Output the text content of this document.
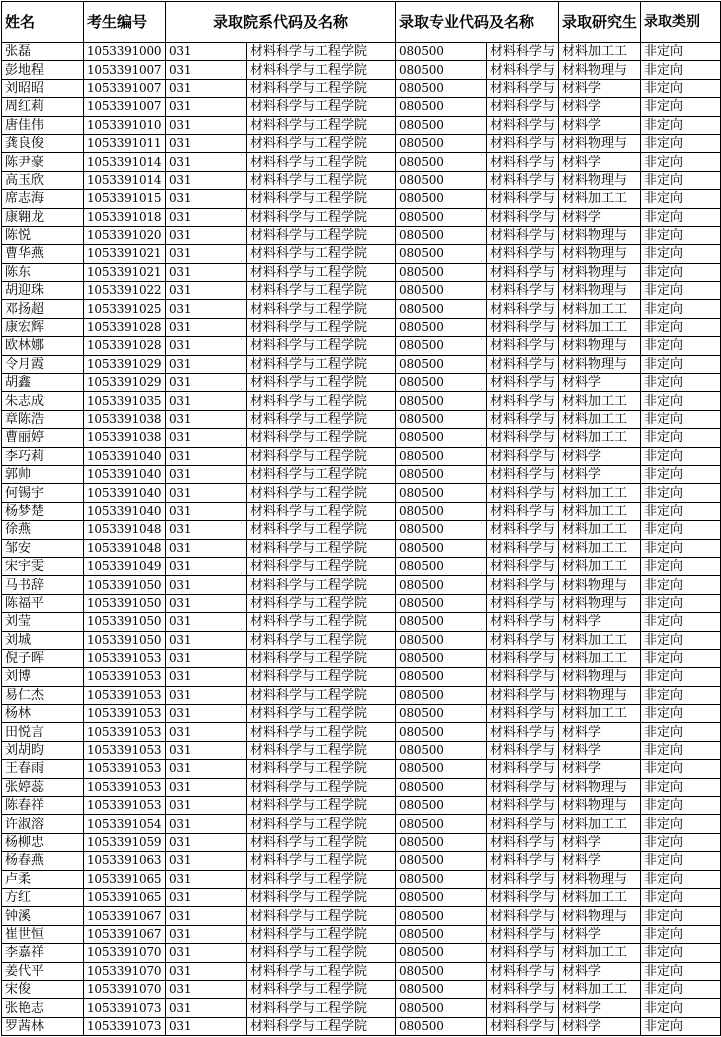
姓名	考生编号	录取院系代码及名称		录取专业代码及名称		录取研究生	录取类别
张磊	1053391000	031	材料科学与工程学院	080500	材料科学与	材料加工工	非定向
彭地程	1053391007	031	材料科学与工程学院	080500	材料科学与	材料物理与	非定向
刘昭昭	1053391007	031	材料科学与工程学院	080500	材料科学与	材料学	非定向
周红莉	1053391007	031	材料科学与工程学院	080500	材料科学与	材料学	非定向
唐佳伟	1053391010	031	材料科学与工程学院	080500	材料科学与	材料学	非定向
龚良俊	1053391011	031	材料科学与工程学院	080500	材料科学与	材料物理与	非定向
陈尹豪	1053391014	031	材料科学与工程学院	080500	材料科学与	材料学	非定向
高玉欣	1053391014	031	材料科学与工程学院	080500	材料科学与	材料物理与	非定向
席志海	1053391015	031	材料科学与工程学院	080500	材料科学与	材料加工工	非定向
康翱龙	1053391018	031	材料科学与工程学院	080500	材料科学与	材料学	非定向
陈悦	1053391020	031	材料科学与工程学院	080500	材料科学与	材料物理与	非定向
曹华燕	1053391021	031	材料科学与工程学院	080500	材料科学与	材料物理与	非定向
陈东	1053391021	031	材料科学与工程学院	080500	材料科学与	材料物理与	非定向
胡迎珠	1053391022	031	材料科学与工程学院	080500	材料科学与	材料物理与	非定向
邓扬超	1053391025	031	材料科学与工程学院	080500	材料科学与	材料加工工	非定向
康宏辉	1053391028	031	材料科学与工程学院	080500	材料科学与	材料加工工	非定向
欧林娜	1053391028	031	材料科学与工程学院	080500	材料科学与	材料物理与	非定向
令月霞	1053391029	031	材料科学与工程学院	080500	材料科学与	材料物理与	非定向
胡鑫	1053391029	031	材料科学与工程学院	080500	材料科学与	材料学	非定向
朱志成	1053391035	031	材料科学与工程学院	080500	材料科学与	材料加工工	非定向
章陈浩	1053391038	031	材料科学与工程学院	080500	材料科学与	材料加工工	非定向
曹丽婷	1053391038	031	材料科学与工程学院	080500	材料科学与	材料加工工	非定向
李巧莉	1053391040	031	材料科学与工程学院	080500	材料科学与	材料学	非定向
郭帅	1053391040	031	材料科学与工程学院	080500	材料科学与	材料学	非定向
何锡宇	1053391040	031	材料科学与工程学院	080500	材料科学与	材料加工工	非定向
杨梦楚	1053391040	031	材料科学与工程学院	080500	材料科学与	材料加工工	非定向
徐燕	1053391048	031	材料科学与工程学院	080500	材料科学与	材料加工工	非定向
邹安	1053391048	031	材料科学与工程学院	080500	材料科学与	材料加工工	非定向
宋宇雯	1053391049	031	材料科学与工程学院	080500	材料科学与	材料加工工	非定向
马书辞	1053391050	031	材料科学与工程学院	080500	材料科学与	材料物理与	非定向
陈福平	1053391050	031	材料科学与工程学院	080500	材料科学与	材料物理与	非定向
刘莹	1053391050	031	材料科学与工程学院	080500	材料科学与	材料学	非定向
刘城	1053391050	031	材料科学与工程学院	080500	材料科学与	材料加工工	非定向
倪子晖	1053391053	031	材料科学与工程学院	080500	材料科学与	材料加工工	非定向
刘博	1053391053	031	材料科学与工程学院	080500	材料科学与	材料物理与	非定向
易仁杰	1053391053	031	材料科学与工程学院	080500	材料科学与	材料物理与	非定向
杨林	1053391053	031	材料科学与工程学院	080500	材料科学与	材料加工工	非定向
田悦言	1053391053	031	材料科学与工程学院	080500	材料科学与	材料学	非定向
刘胡昀	1053391053	031	材料科学与工程学院	080500	材料科学与	材料学	非定向
王春雨	1053391053	031	材料科学与工程学院	080500	材料科学与	材料学	非定向
张婷蕊	1053391053	031	材料科学与工程学院	080500	材料科学与	材料物理与	非定向
陈春祥	1053391053	031	材料科学与工程学院	080500	材料科学与	材料物理与	非定向
许淑溶	1053391054	031	材料科学与工程学院	080500	材料科学与	材料加工工	非定向
杨柳忠	1053391059	031	材料科学与工程学院	080500	材料科学与	材料学	非定向
杨春燕	1053391063	031	材料科学与工程学院	080500	材料科学与	材料学	非定向
卢柔	1053391065	031	材料科学与工程学院	080500	材料科学与	材料物理与	非定向
方红	1053391065	031	材料科学与工程学院	080500	材料科学与	材料加工工	非定向
钟溪	1053391067	031	材料科学与工程学院	080500	材料科学与	材料物理与	非定向
崔世恒	1053391067	031	材料科学与工程学院	080500	材料科学与	材料学	非定向
李嘉祥	1053391070	031	材料科学与工程学院	080500	材料科学与	材料加工工	非定向
姜代平	1053391070	031	材料科学与工程学院	080500	材料科学与	材料学	非定向
宋俊	1053391070	031	材料科学与工程学院	080500	材料科学与	材料加工工	非定向
张艳志	1053391073	031	材料科学与工程学院	080500	材料科学与	材料学	非定向
罗茜林	1053391073	031	材料科学与工程学院	080500	材料科学与	材料学	非定向
